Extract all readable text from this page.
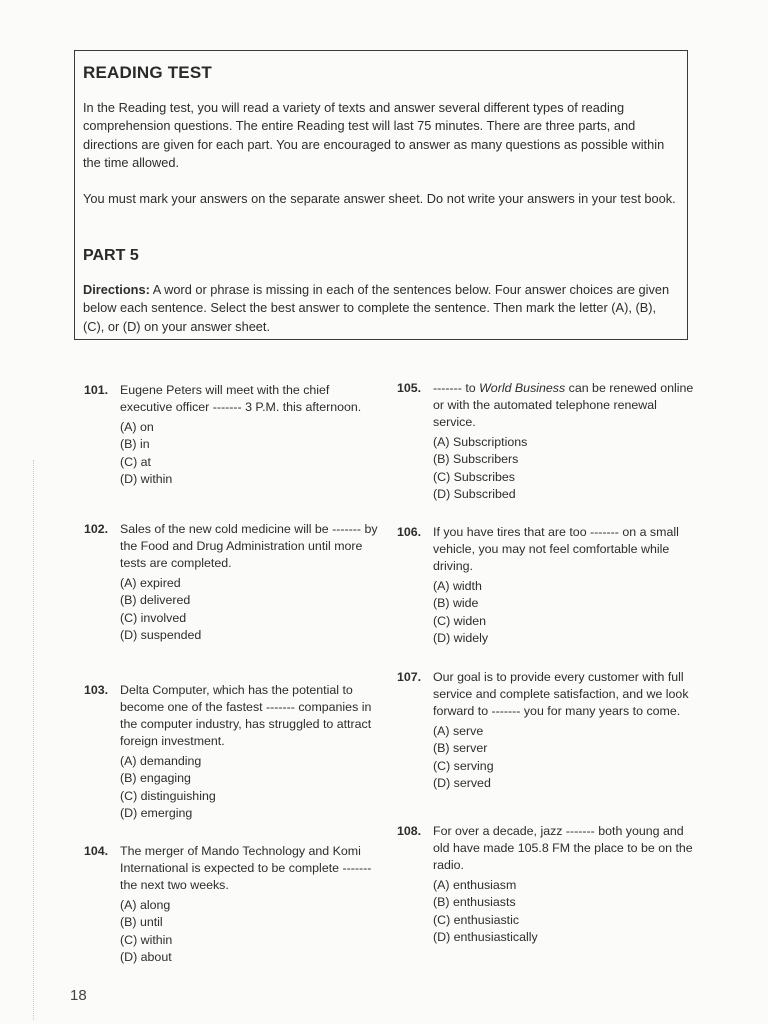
READING TEST

In the Reading test, you will read a variety of texts and answer several different types of reading comprehension questions. The entire Reading test will last 75 minutes. There are three parts, and directions are given for each part. You are encouraged to answer as many questions as possible within the time allowed.

You must mark your answers on the separate answer sheet. Do not write your answers in your test book.

PART 5

Directions: A word or phrase is missing in each of the sentences below. Four answer choices are given below each sentence. Select the best answer to complete the sentence. Then mark the letter (A), (B), (C), or (D) on your answer sheet.

101. Eugene Peters will meet with the chief executive officer ------- 3 P.M. this afternoon.

(A) on
(B) in
(C) at
(D) within
102. Sales of the new cold medicine will be ------- by the Food and Drug Administration until more tests are completed.

(A) expired
(B) delivered
(C) involved
(D) suspended
103. Delta Computer, which has the potential to become one of the fastest ------- companies in the computer industry, has struggled to attract foreign investment.

(A) demanding
(B) engaging
(C) distinguishing
(D) emerging
104. The merger of Mando Technology and Komi International is expected to be complete ------- the next two weeks.

(A) along
(B) until
(C) within
(D) about
105. ------- to World Business can be renewed online or with the automated telephone renewal service.

(A) Subscriptions
(B) Subscribers
(C) Subscribes
(D) Subscribed
106. If you have tires that are too ------- on a small vehicle, you may not feel comfortable while driving.

(A) width
(B) wide
(C) widen
(D) widely
107. Our goal is to provide every customer with full service and complete satisfaction, and we look forward to ------- you for many years to come.

(A) serve
(B) server
(C) serving
(D) served
108. For over a decade, jazz ------- both young and old have made 105.8 FM the place to be on the radio.

(A) enthusiasm
(B) enthusiasts
(C) enthusiastic
(D) enthusiastically
18
